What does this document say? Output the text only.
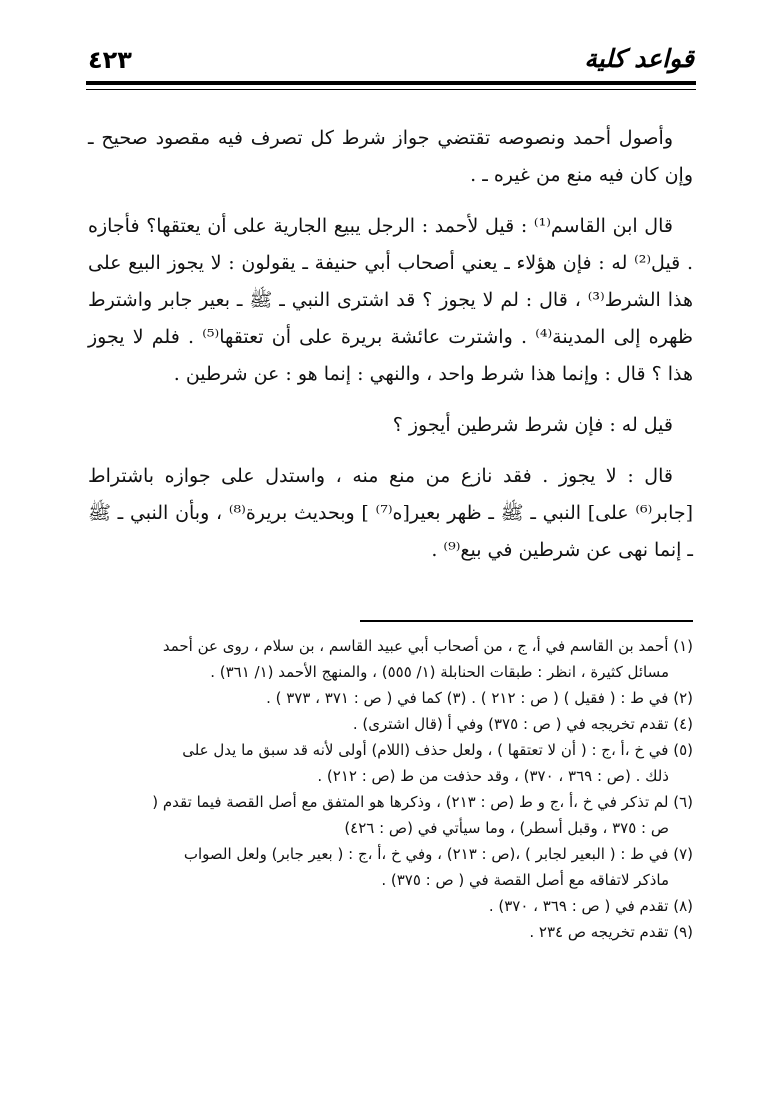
٤٢٣	قواعد كلية

وأصول أحمد ونصوصه تقتضي جواز شرط كل تصرف فيه مقصود صحيح ـ وإن كان فيه منع من غيره ـ .

قال ابن القاسم⁽¹⁾ : قيل لأحمد : الرجل يبيع الجارية على أن يعتقها؟ فأجازه . قيل⁽²⁾ له : فإن هؤلاء ـ يعني أصحاب أبي حنيفة ـ يقولون : لا يجوز البيع على هذا الشرط⁽³⁾ ، قال : لم لا يجوز ؟ قد اشترى النبي ـ ﷺ ـ بعير جابر واشترط ظهره إلى المدينة⁽⁴⁾ . واشترت عائشة بريرة على أن تعتقها⁽⁵⁾ . فلم لا يجوز هذا ؟ قال : وإنما هذا شرط واحد ، والنهي : إنما هو : عن شرطين .

قيل له : فإن شرط شرطين أيجوز ؟

قال : لا يجوز . فقد نازع من منع منه ، واستدل على جوازه باشتراط [جابر⁽⁶⁾ على] النبي ـ ﷺ ـ ظهر بعير[ه⁽⁷⁾ ] وبحديث بريرة⁽⁸⁾ ، وبأن النبي ـ ﷺ ـ إنما نهى عن شرطين في بيع⁽⁹⁾ .

(١) أحمد بن القاسم في أ، ج ، من أصحاب أبي عبيد القاسم ، بن سلام ، روى عن أحمد

مسائل كثيرة ، انظر : طبقات الحنابلة (١/ ٥٥٥) ، والمنهج الأحمد (١/ ٣٦١) .

(٢) في ط : ( فقيل ) ( ص : ٢١٢ ) . (٣) كما في ( ص : ٣٧١ ، ٣٧٣ ) .

(٤) تقدم تخريجه في ( ص : ٣٧٥) وفي أ (قال اشترى) .

(٥) في خ ،أ ،ج : ( أن لا تعتقها ) ، ولعل حذف (اللام) أولى لأنه قد سبق ما يدل على

ذلك . (ص : ٣٦٩ ، ٣٧٠) ، وقد حذفت من ط (ص : ٢١٢) .

(٦) لم تذكر في خ ،أ ،ج و ط (ص : ٢١٣) ، وذكرها هو المتفق مع أصل القصة فيما تقدم (

ص : ٣٧٥ ، وقبل أسطر) ، وما سيأتي في (ص : ٤٢٦)

(٧) في ط : ( البعير لجابر ) ،(ص : ٢١٣) ، وفي خ ،أ ،ج : ( بعير جابر) ولعل الصواب

ماذكر لاتفاقه مع أصل القصة في ( ص : ٣٧٥) .

(٨) تقدم في ( ص : ٣٦٩ ، ٣٧٠) .

(٩) تقدم تخريجه ص ٢٣٤ .
